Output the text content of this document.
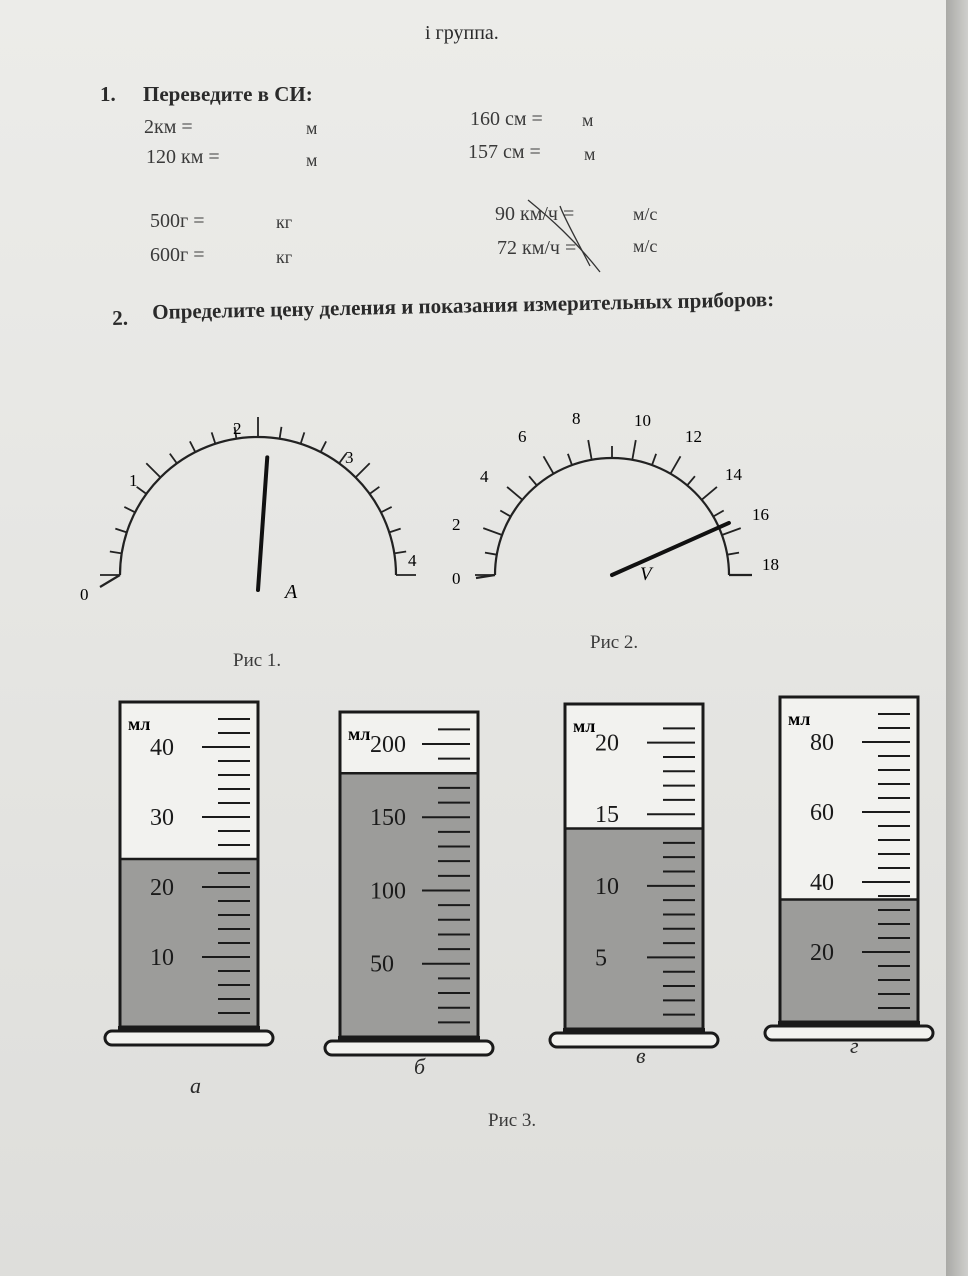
i группа.
1. Переведите в СИ:
2км =	м
120 км =	м
160 см = м
157 см = м
500г =	кг
600г =	кг
90 км/ч =	м/с
72 км/ч =	м/с
2. Определите цену деления и показания измерительных приборов:
0
1
2
3
4
A
Рис 1.
0
2
4
6
8	10
12
14
16
18
V
Рис 2.
мл
40
30
20
10
мл 200
150
100
50
мл
20
15
10
5
мл
80
60
40
20
а
б	в	г
Рис 3.
